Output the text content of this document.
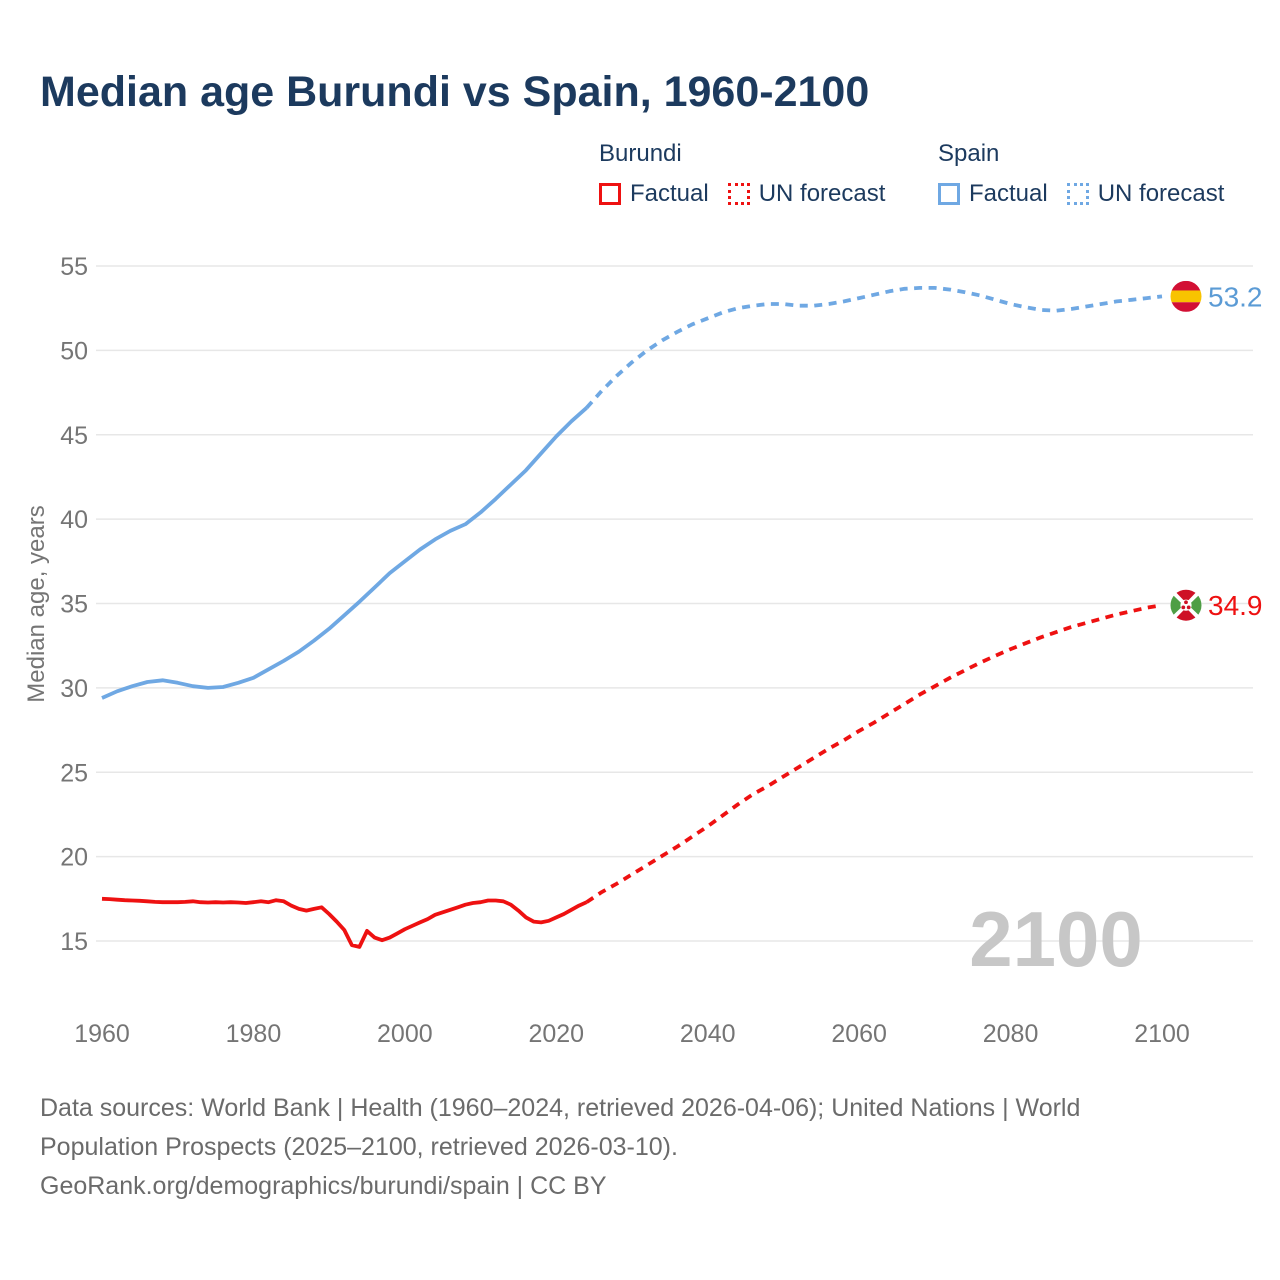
Median age Burundi vs Spain, 1960-2100
Burundi
Factual UN forecast
Spain
Factual UN forecast
15
20
25
30
35
40
45
50
55
Median age, years
1960	1980	2000	2020	2040	2060	2080	2100
2100
53.2
34.9

Data sources: World Bank | Health (1960–2024, retrieved 2026-04-06); United Nations | World Population Prospects (2025–2100, retrieved 2026-03-10).

GeoRank.org/demographics/burundi/spain | CC BY
